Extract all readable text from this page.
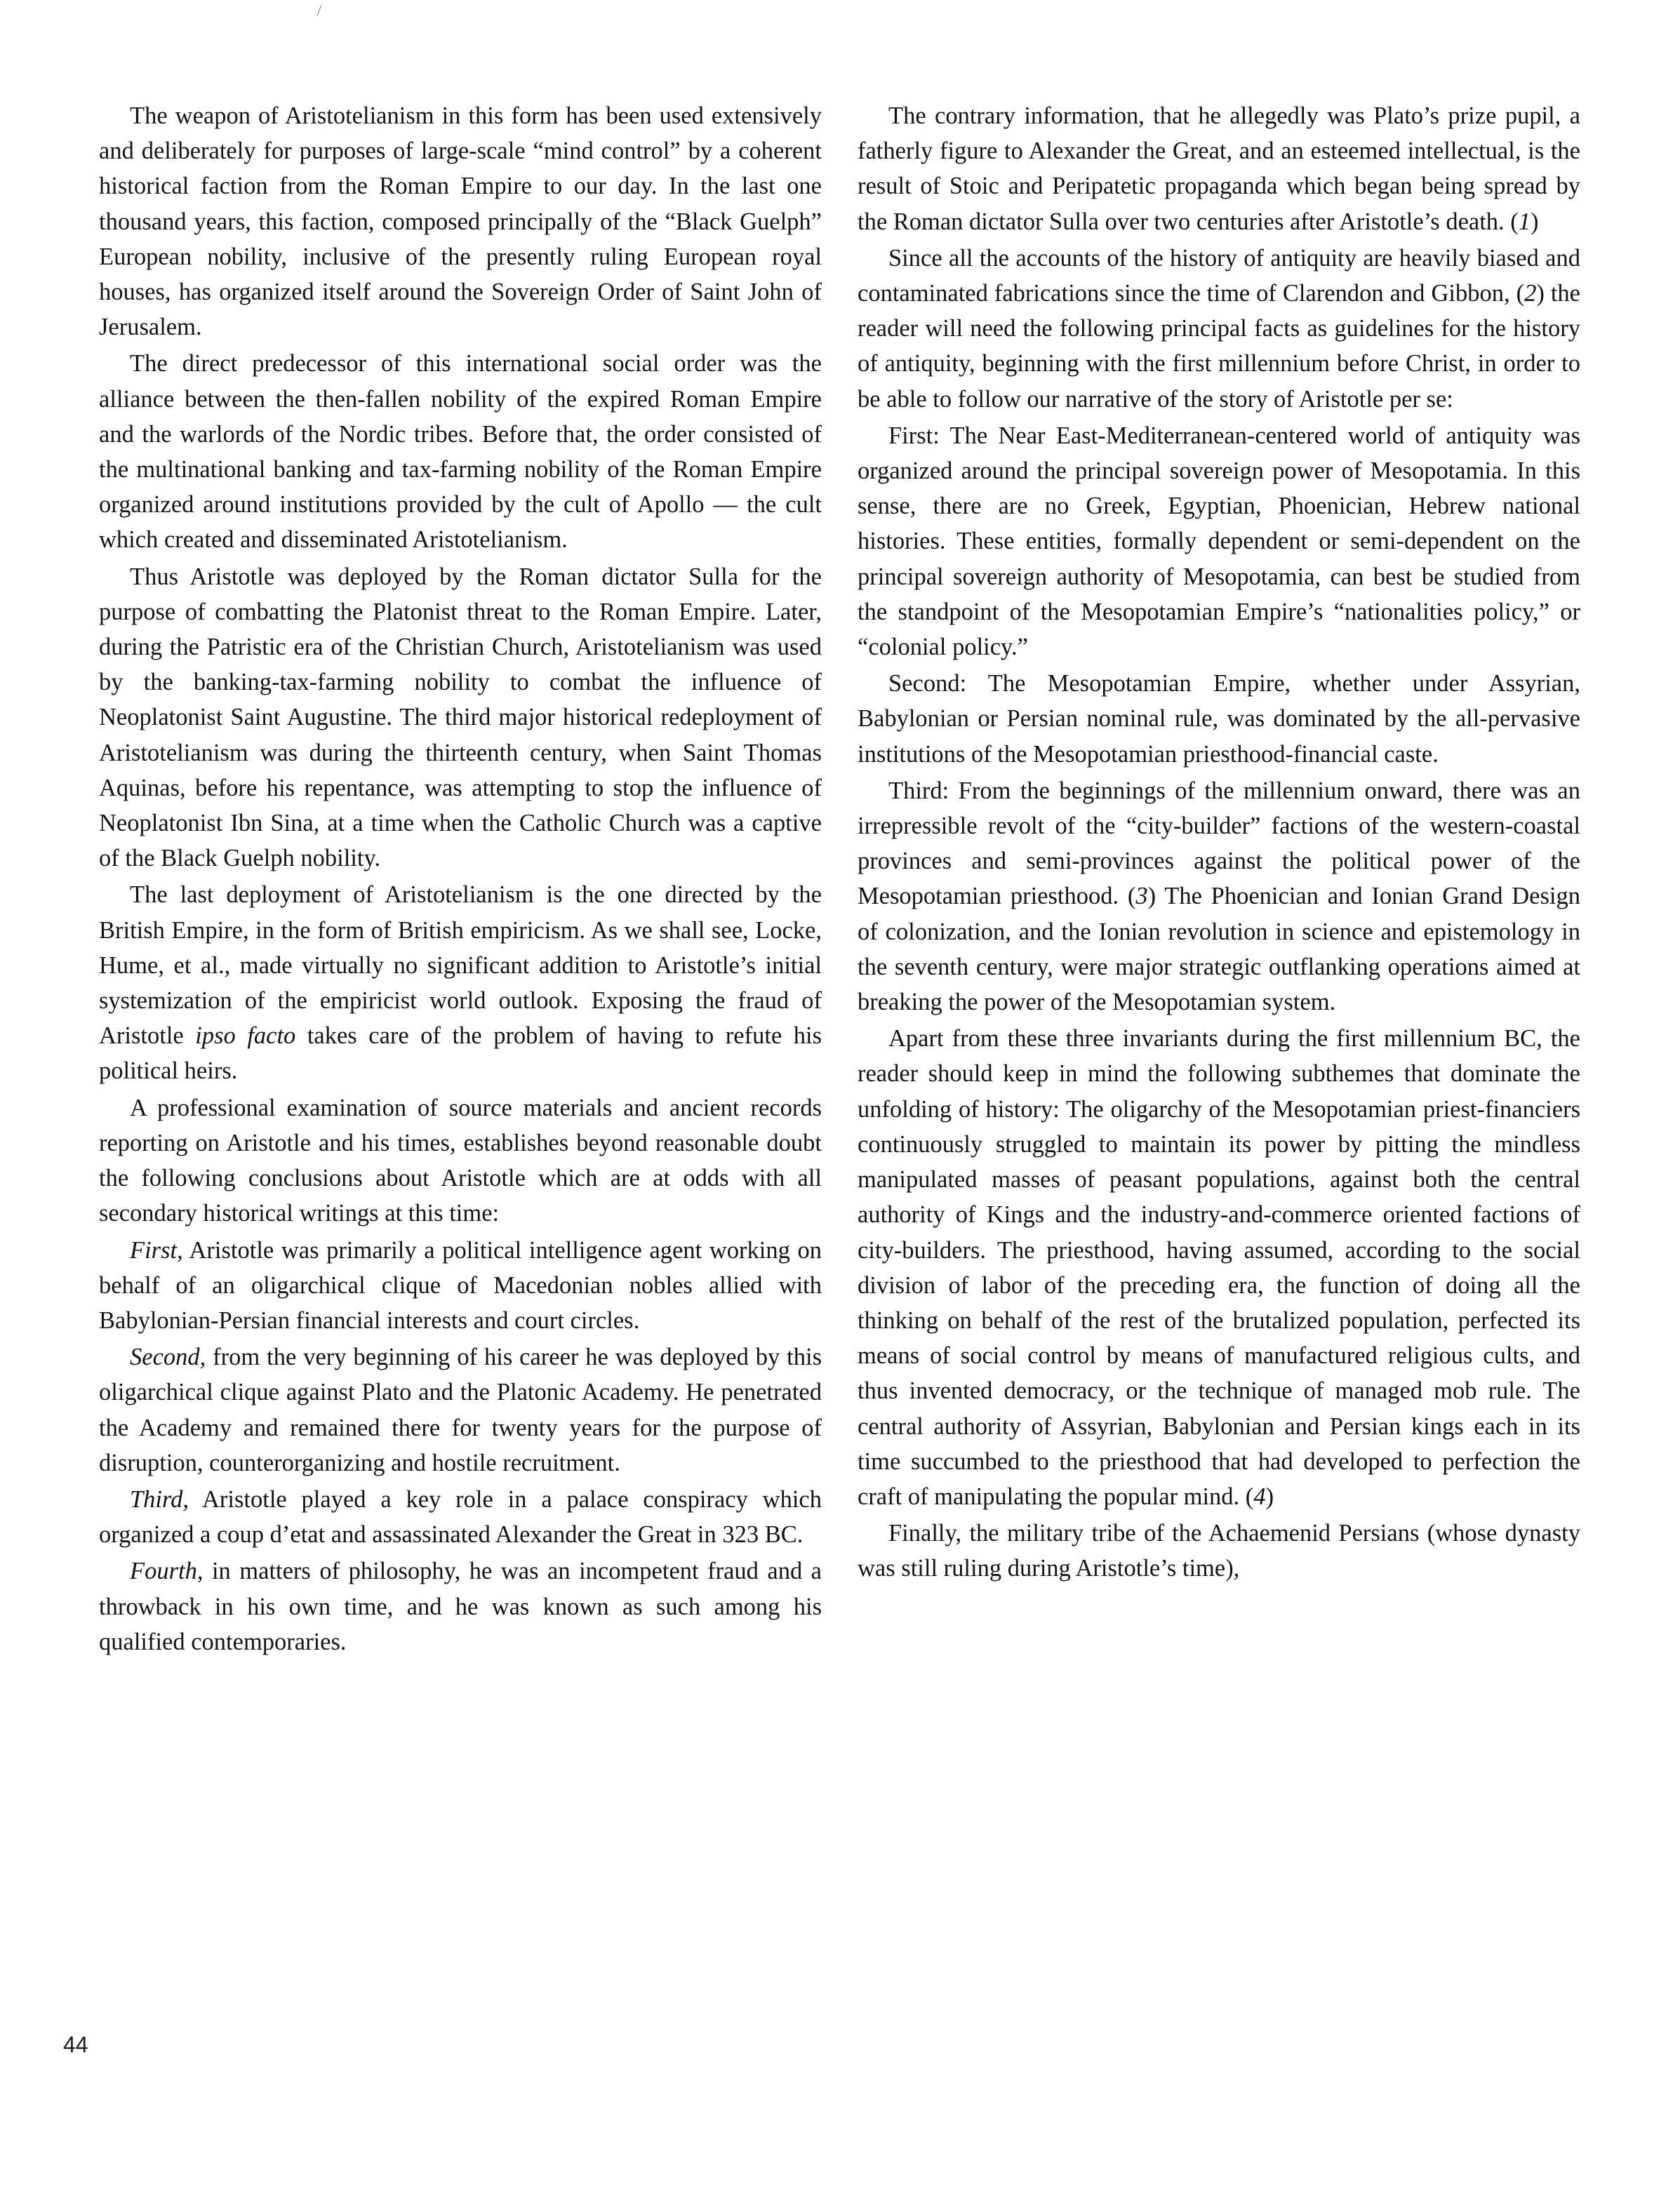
/

The weapon of Aristotelianism in this form has been used extensively and deliberately for purposes of large-scale “mind control” by a coherent historical faction from the Roman Empire to our day. In the last one thousand years, this faction, composed principally of the “Black Guelph” European nobility, inclusive of the presently ruling European royal houses, has organized itself around the Sovereign Order of Saint John of Jerusalem.

The direct predecessor of this international social order was the alliance between the then-fallen nobility of the expired Roman Empire and the warlords of the Nordic tribes. Before that, the order consisted of the multinational banking and tax-farming nobility of the Roman Empire organized around institutions provided by the cult of Apollo — the cult which created and disseminated Aristotelianism.

Thus Aristotle was deployed by the Roman dictator Sulla for the purpose of combatting the Platonist threat to the Roman Empire. Later, during the Patristic era of the Christian Church, Aristotelianism was used by the banking-tax-farming nobility to combat the influence of Neoplatonist Saint Augustine. The third major historical redeployment of Aristotelianism was during the thirteenth century, when Saint Thomas Aquinas, before his repentance, was attempting to stop the influence of Neoplatonist Ibn Sina, at a time when the Catholic Church was a captive of the Black Guelph nobility.

The last deployment of Aristotelianism is the one directed by the British Empire, in the form of British empiricism. As we shall see, Locke, Hume, et al., made virtually no significant addition to Aristotle’s initial systemization of the empiricist world outlook. Exposing the fraud of Aristotle ipso facto takes care of the problem of having to refute his political heirs.

A professional examination of source materials and ancient records reporting on Aristotle and his times, establishes beyond reasonable doubt the following conclusions about Aristotle which are at odds with all secondary historical writings at this time:

First, Aristotle was primarily a political intelligence agent working on behalf of an oligarchical clique of Macedonian nobles allied with Babylonian-Persian financial interests and court circles.

Second, from the very beginning of his career he was deployed by this oligarchical clique against Plato and the Platonic Academy. He penetrated the Academy and remained there for twenty years for the purpose of disruption, counterorganizing and hostile recruitment.

Third, Aristotle played a key role in a palace conspiracy which organized a coup d’etat and assassinated Alexander the Great in 323 BC.

Fourth, in matters of philosophy, he was an incompetent fraud and a throwback in his own time, and he was known as such among his qualified contemporaries.

The contrary information, that he allegedly was Plato’s prize pupil, a fatherly figure to Alexander the Great, and an esteemed intellectual, is the result of Stoic and Peripatetic propaganda which began being spread by the Roman dictator Sulla over two centuries after Aristotle’s death. (1)

Since all the accounts of the history of antiquity are heavily biased and contaminated fabrications since the time of Clarendon and Gibbon, (2) the reader will need the following principal facts as guidelines for the history of antiquity, beginning with the first millennium before Christ, in order to be able to follow our narrative of the story of Aristotle per se:

First: The Near East-Mediterranean-centered world of antiquity was organized around the principal sovereign power of Mesopotamia. In this sense, there are no Greek, Egyptian, Phoenician, Hebrew national histories. These entities, formally dependent or semi-dependent on the principal sovereign authority of Mesopotamia, can best be studied from the standpoint of the Mesopotamian Empire’s “nationalities policy,” or “colonial policy.”

Second: The Mesopotamian Empire, whether under Assyrian, Babylonian or Persian nominal rule, was dominated by the all-pervasive institutions of the Mesopotamian priesthood-financial caste.

Third: From the beginnings of the millennium onward, there was an irrepressible revolt of the “city-builder” factions of the western-coastal provinces and semi-provinces against the political power of the Mesopotamian priesthood. (3) The Phoenician and Ionian Grand Design of colonization, and the Ionian revolution in science and epistemology in the seventh century, were major strategic outflanking operations aimed at breaking the power of the Mesopotamian system.

Apart from these three invariants during the first millennium BC, the reader should keep in mind the following subthemes that dominate the unfolding of history: The oligarchy of the Mesopotamian priest-financiers continuously struggled to maintain its power by pitting the mindless manipulated masses of peasant populations, against both the central authority of Kings and the industry-and-commerce oriented factions of city-builders. The priesthood, having assumed, according to the social division of labor of the preceding era, the function of doing all the thinking on behalf of the rest of the brutalized population, perfected its means of social control by means of manufactured religious cults, and thus invented democracy, or the technique of managed mob rule. The central authority of Assyrian, Babylonian and Persian kings each in its time succumbed to the priesthood that had developed to perfection the craft of manipulating the popular mind. (4)

Finally, the military tribe of the Achaemenid Persians (whose dynasty was still ruling during Aristotle’s time),

44
